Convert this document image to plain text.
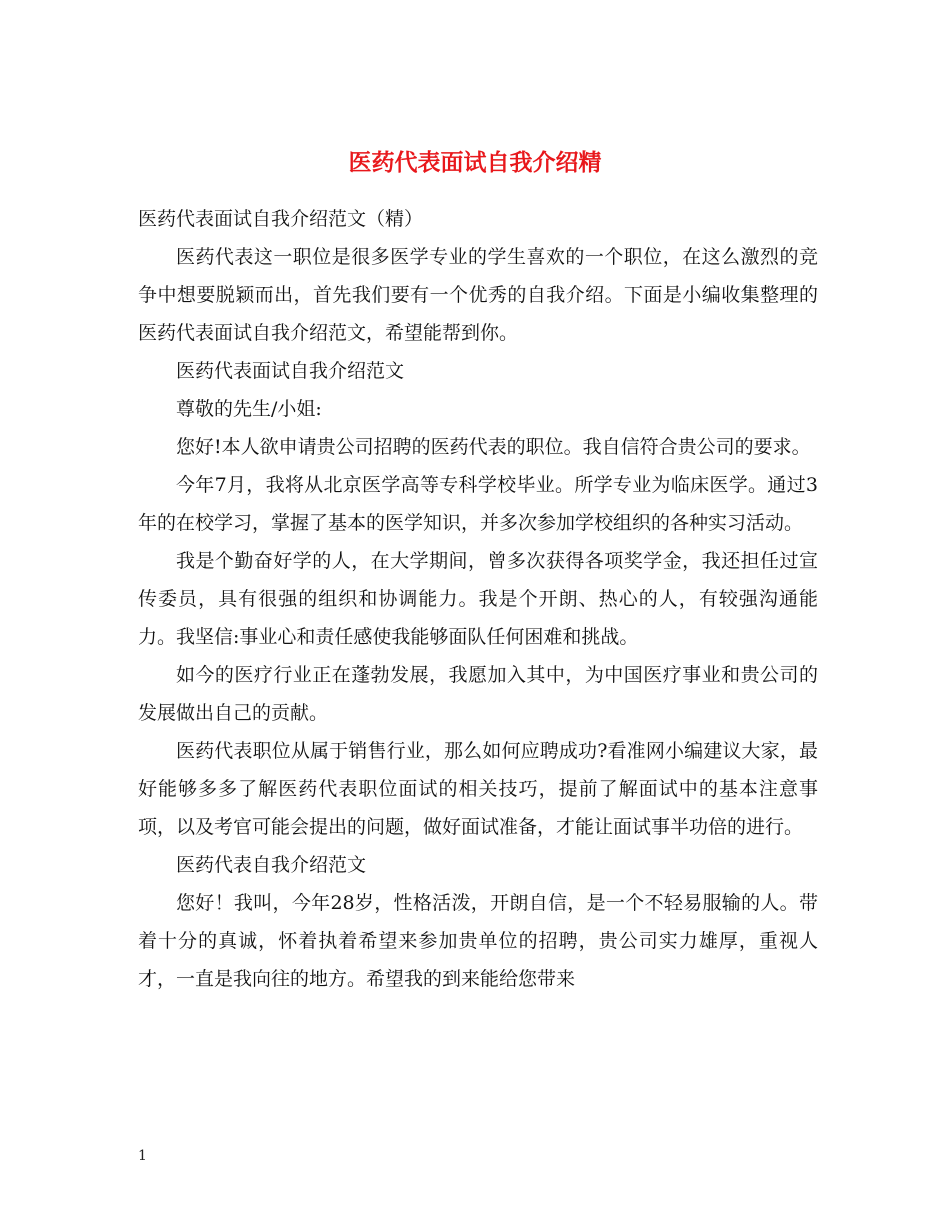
医药代表面试自我介绍精

医药代表面试自我介绍范文（精）

医药代表这一职位是很多医学专业的学生喜欢的一个职位，在这么激烈的竞争中想要脱颖而出，首先我们要有一个优秀的自我介绍。下面是小编收集整理的医药代表面试自我介绍范文，希望能帮到你。

医药代表面试自我介绍范文

尊敬的先生/小姐:

您好!本人欲申请贵公司招聘的医药代表的职位。我自信符合贵公司的要求。

今年7月，我将从北京医学高等专科学校毕业。所学专业为临床医学。通过3年的在校学习，掌握了基本的医学知识，并多次参加学校组织的各种实习活动。

我是个勤奋好学的人，在大学期间，曾多次获得各项奖学金，我还担任过宣传委员，具有很强的组织和协调能力。我是个开朗、热心的人，有较强沟通能力。我坚信:事业心和责任感使我能够面队任何困难和挑战。

如今的医疗行业正在蓬勃发展，我愿加入其中，为中国医疗事业和贵公司的发展做出自己的贡献。

医药代表职位从属于销售行业，那么如何应聘成功?看准网小编建议大家，最好能够多多了解医药代表职位面试的相关技巧，提前了解面试中的基本注意事项，以及考官可能会提出的问题，做好面试准备，才能让面试事半功倍的进行。

医药代表自我介绍范文

您好！我叫，今年28岁，性格活泼，开朗自信，是一个不轻易服输的人。带着十分的真诚，怀着执着希望来参加贵单位的招聘，贵公司实力雄厚，重视人才，一直是我向往的地方。希望我的到来能给您带来

1
